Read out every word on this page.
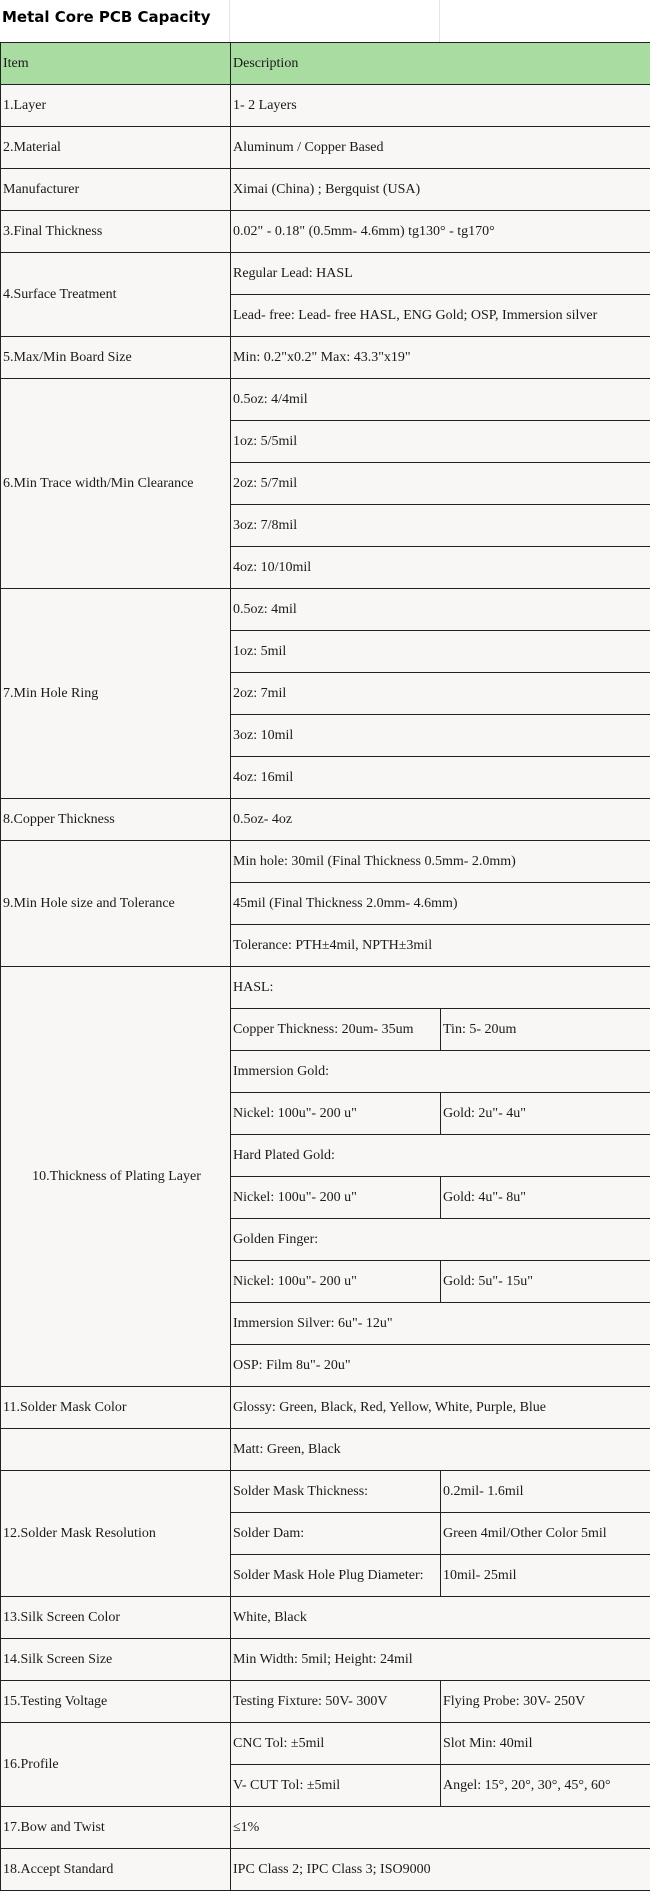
Metal Core PCB Capacity
Item	Description	
1.Layer	1- 2 Layers	
2.Material	Aluminum / Copper Based	
Manufacturer	Ximai (China) ; Bergquist (USA)	
3.Final Thickness	0.02" - 0.18" (0.5mm- 4.6mm) tg130° - tg170°	
4.Surface Treatment	Regular Lead: HASL	
	Lead- free: Lead- free HASL, ENG Gold; OSP, Immersion silver	
5.Max/Min Board Size	Min: 0.2"x0.2" Max: 43.3"x19"	
6.Min Trace width/Min Clearance	0.5oz: 4/4mil	
	1oz: 5/5mil	
	2oz: 5/7mil	
	3oz: 7/8mil	
	4oz: 10/10mil	
7.Min Hole Ring	0.5oz: 4mil	
	1oz: 5mil	
	2oz: 7mil	
	3oz: 10mil	
	4oz: 16mil	
8.Copper Thickness	0.5oz- 4oz	
9.Min Hole size and Tolerance	Min hole: 30mil (Final Thickness 0.5mm- 2.0mm)	
	45mil (Final Thickness 2.0mm- 4.6mm)	
	Tolerance: PTH±4mil, NPTH±3mil	
10.Thickness of Plating Layer	HASL:	
	Copper Thickness: 20um- 35um	Tin: 5- 20um
	Immersion Gold:	
	Nickel: 100u"- 200 u"	Gold: 2u"- 4u"
	Hard Plated Gold:	
	Nickel: 100u"- 200 u"	Gold: 4u"- 8u"
	Golden Finger:	
	Nickel: 100u"- 200 u"	Gold: 5u"- 15u"
	Immersion Silver: 6u"- 12u"	
	OSP: Film 8u"- 20u"	
11.Solder Mask Color	Glossy: Green, Black, Red, Yellow, White, Purple, Blue	
	Matt: Green, Black	
12.Solder Mask Resolution	Solder Mask Thickness:	0.2mil- 1.6mil
	Solder Dam:	Green 4mil/Other Color 5mil
	Solder Mask Hole Plug Diameter:	10mil- 25mil
13.Silk Screen Color	White, Black	
14.Silk Screen Size	Min Width: 5mil; Height: 24mil	
15.Testing Voltage	Testing Fixture: 50V- 300V	Flying Probe: 30V- 250V
16.Profile	CNC Tol: ±5mil	Slot Min: 40mil
	V- CUT Tol: ±5mil	Angel: 15°, 20°, 30°, 45°, 60°
17.Bow and Twist	≤1%	
18.Accept Standard	IPC Class 2; IPC Class 3; ISO9000	
